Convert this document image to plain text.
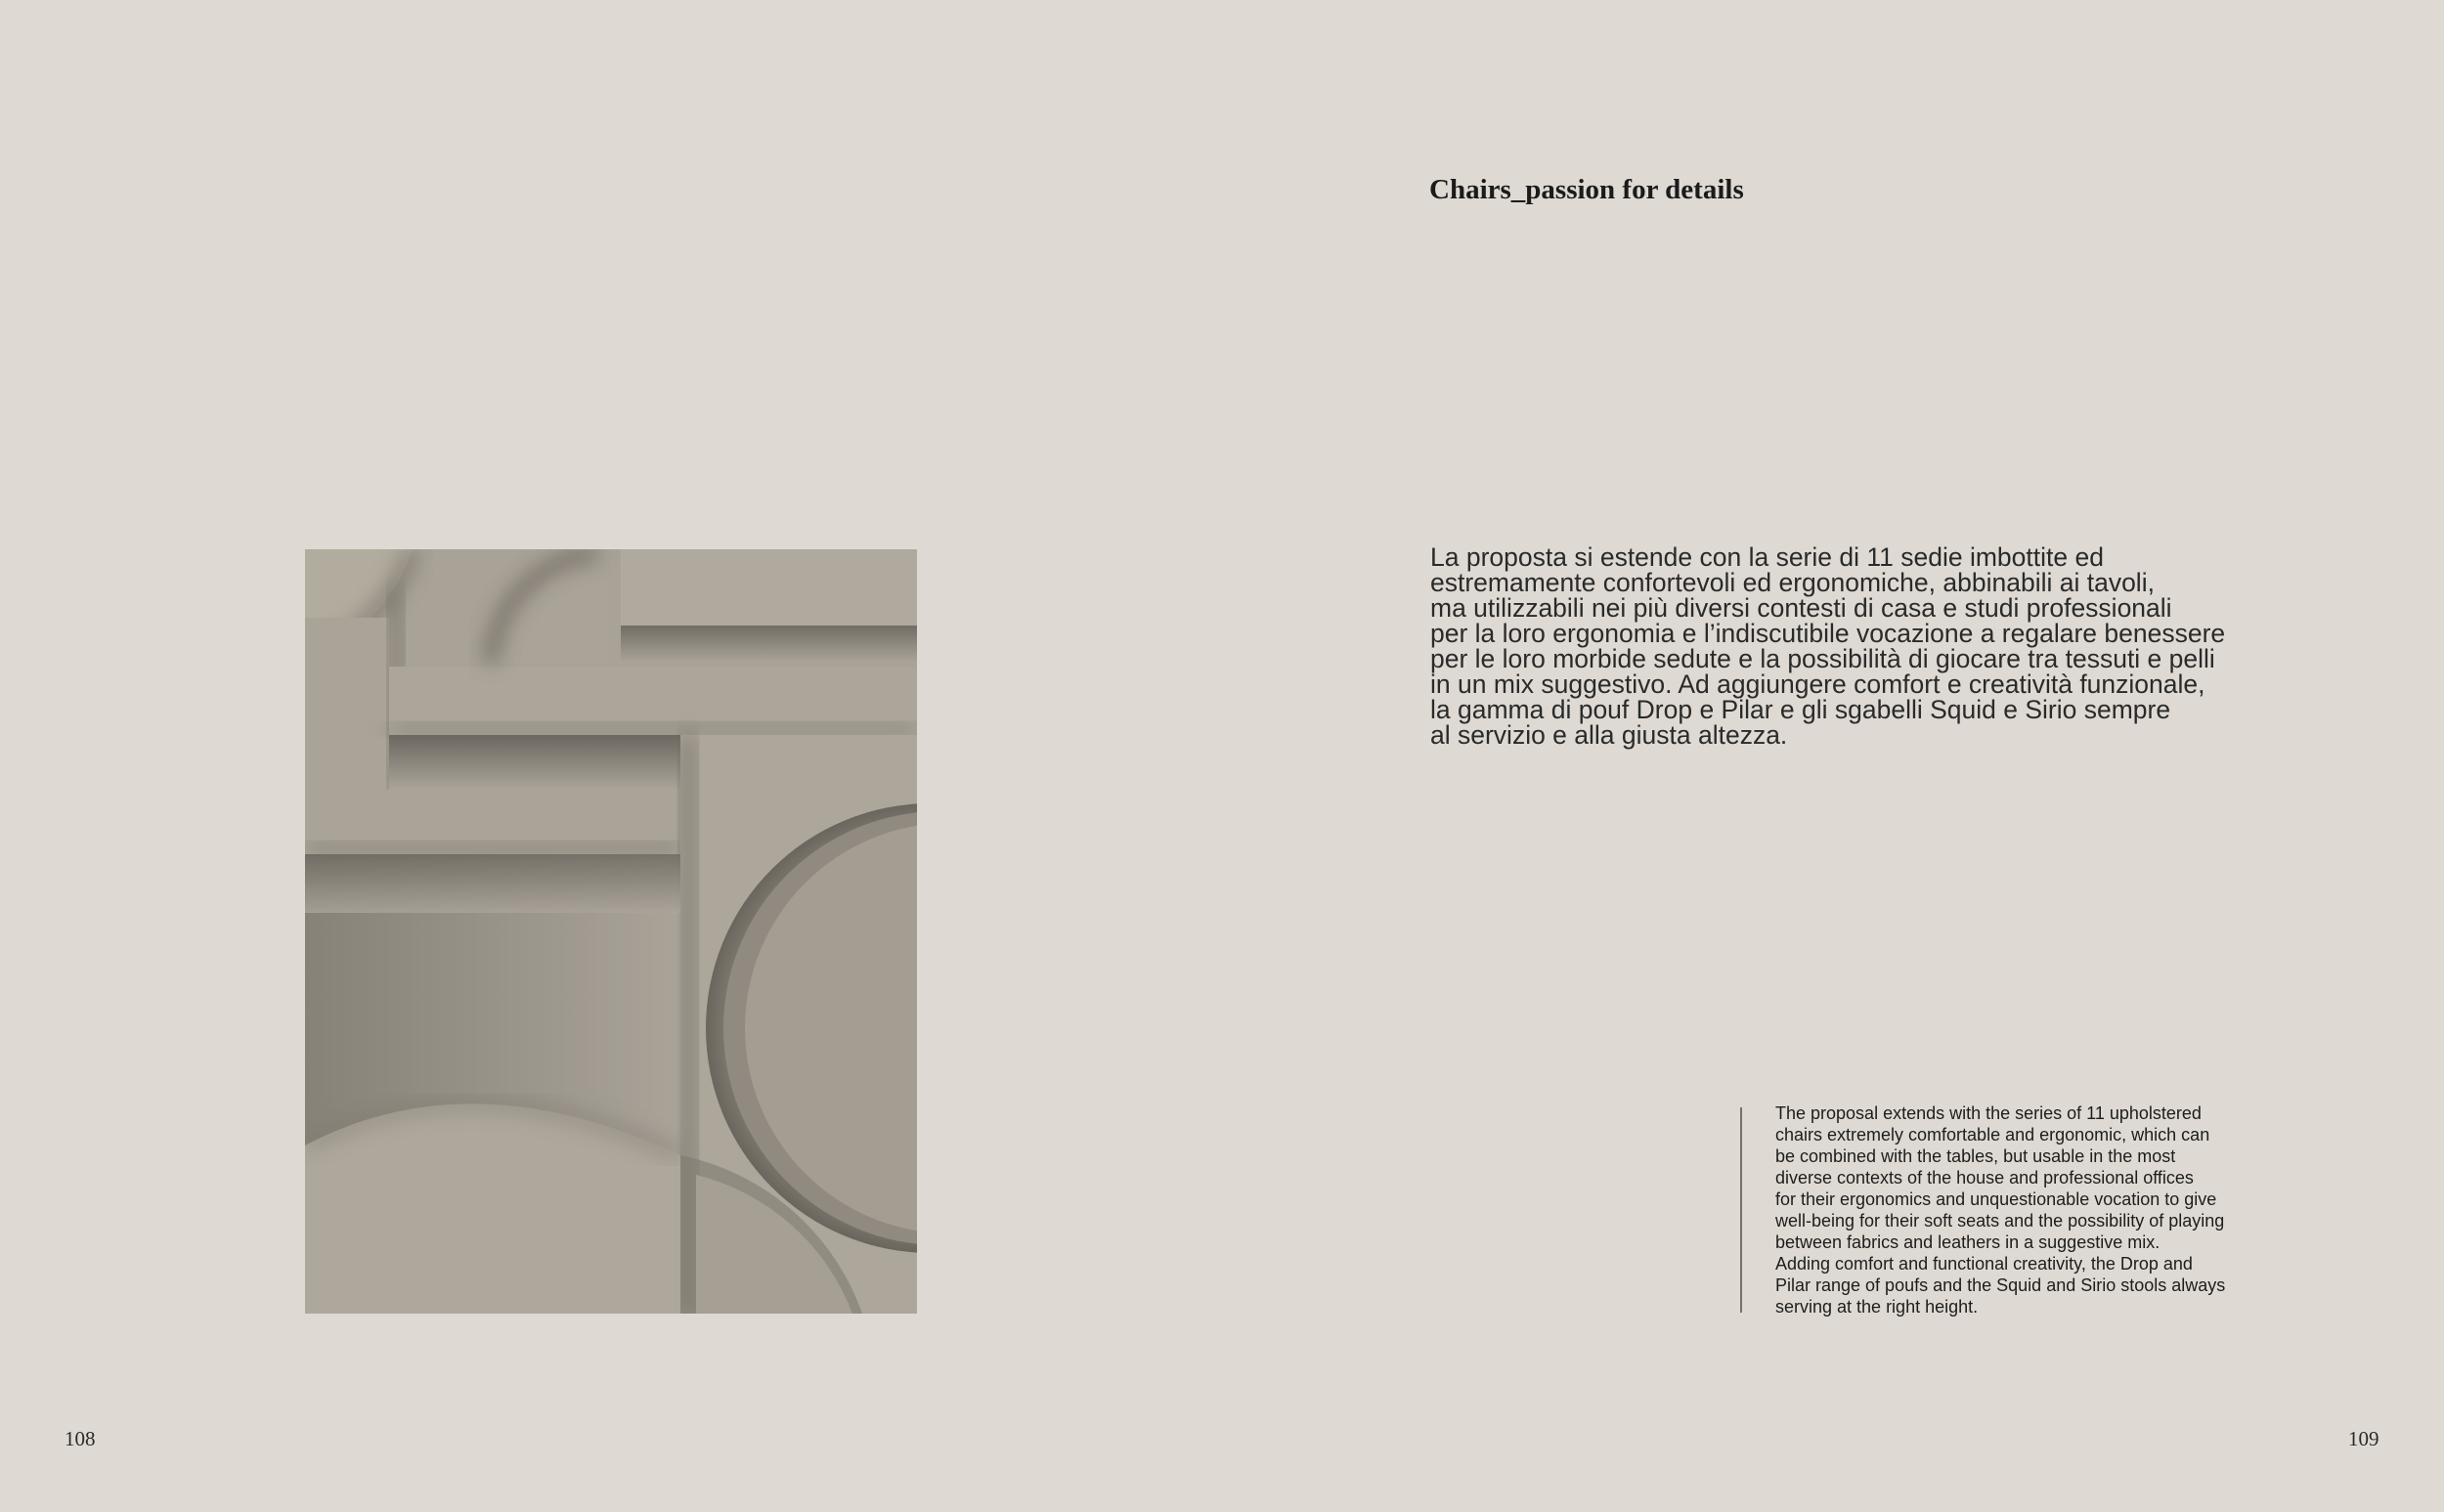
Chairs_passion for details

La proposta si estende con la serie di 11 sedie imbottite ed
estremamente confortevoli ed ergonomiche, abbinabili ai tavoli,
ma utilizzabili nei più diversi contesti di casa e studi professionali
per la loro ergonomia e l’indiscutibile vocazione a regalare benessere
per le loro morbide sedute e la possibilità di giocare tra tessuti e pelli
in un mix suggestivo. Ad aggiungere comfort e creatività funzionale,
la gamma di pouf Drop e Pilar e gli sgabelli Squid e Sirio sempre
al servizio e alla giusta altezza.

The proposal extends with the series of 11 upholstered
chairs extremely comfortable and ergonomic, which can
be combined with the tables, but usable in the most
diverse contexts of the house and professional offices
for their ergonomics and unquestionable vocation to give
well-being for their soft seats and the possibility of playing
between fabrics and leathers in a suggestive mix.
Adding comfort and functional creativity, the Drop and
Pilar range of poufs and the Squid and Sirio stools always
serving at the right height.

108	109
